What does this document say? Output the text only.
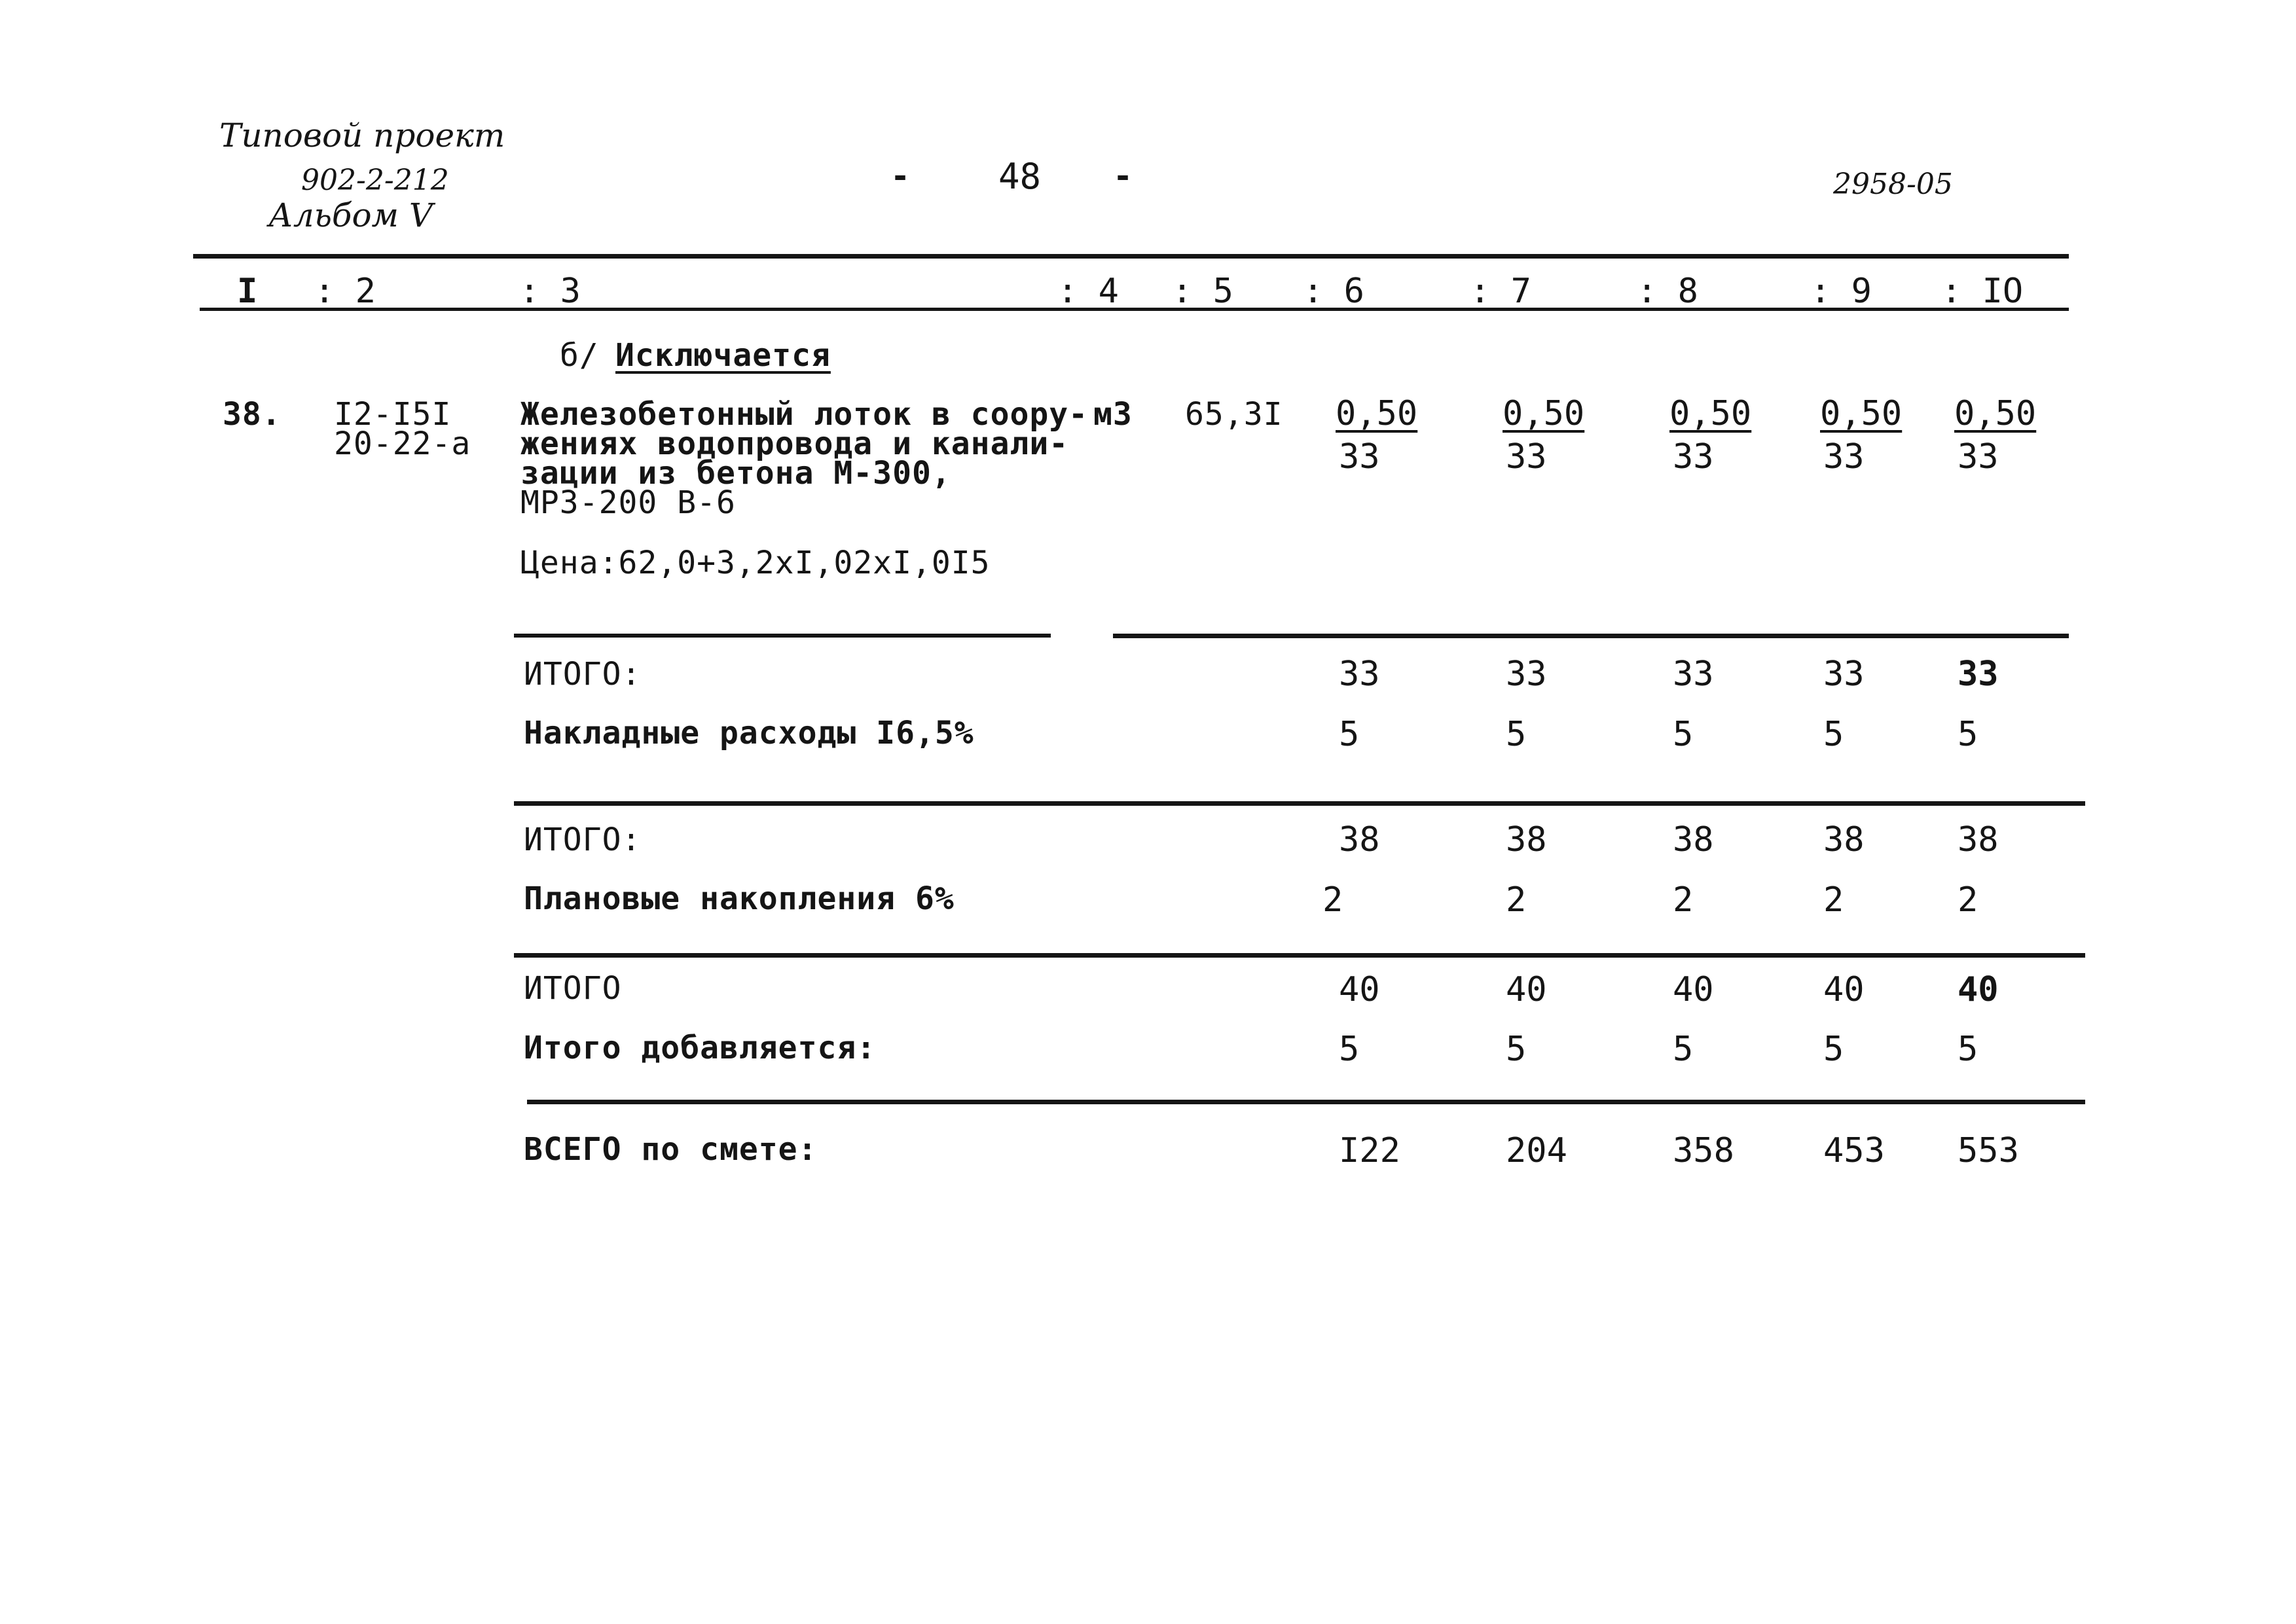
Типовой проект
902-2-212
Альбом V
- 48 -	2958-05
I : 2	: 3	: 4 : 5 : 6	: 7	: 8	: 9 : IO
б/ Исключается
38. I2-I5I
20-22-а
Железобетонный лоток в соору-
жениях водопровода и канали-
зации из бетона М-300,
МРЗ-200 В-6
Цена:62,0+3,2хI,02хI,0I5
м3 65,3I 0,50 0,50 0,50 0,50 0,50
33	33	33	33	33
ИТОГО:	33	33	33	33	33
Накладные расходы I6,5%	5	5	5	5	5
ИТОГО:	38	38	38	38	38
Плановые накопления 6%	2	2	2	2	2
ИТОГО	40	40	40	40	40
Итого добавляется:	5	5	5	5	5
ВСЕГО по смете:	I22	204	358	453 553
